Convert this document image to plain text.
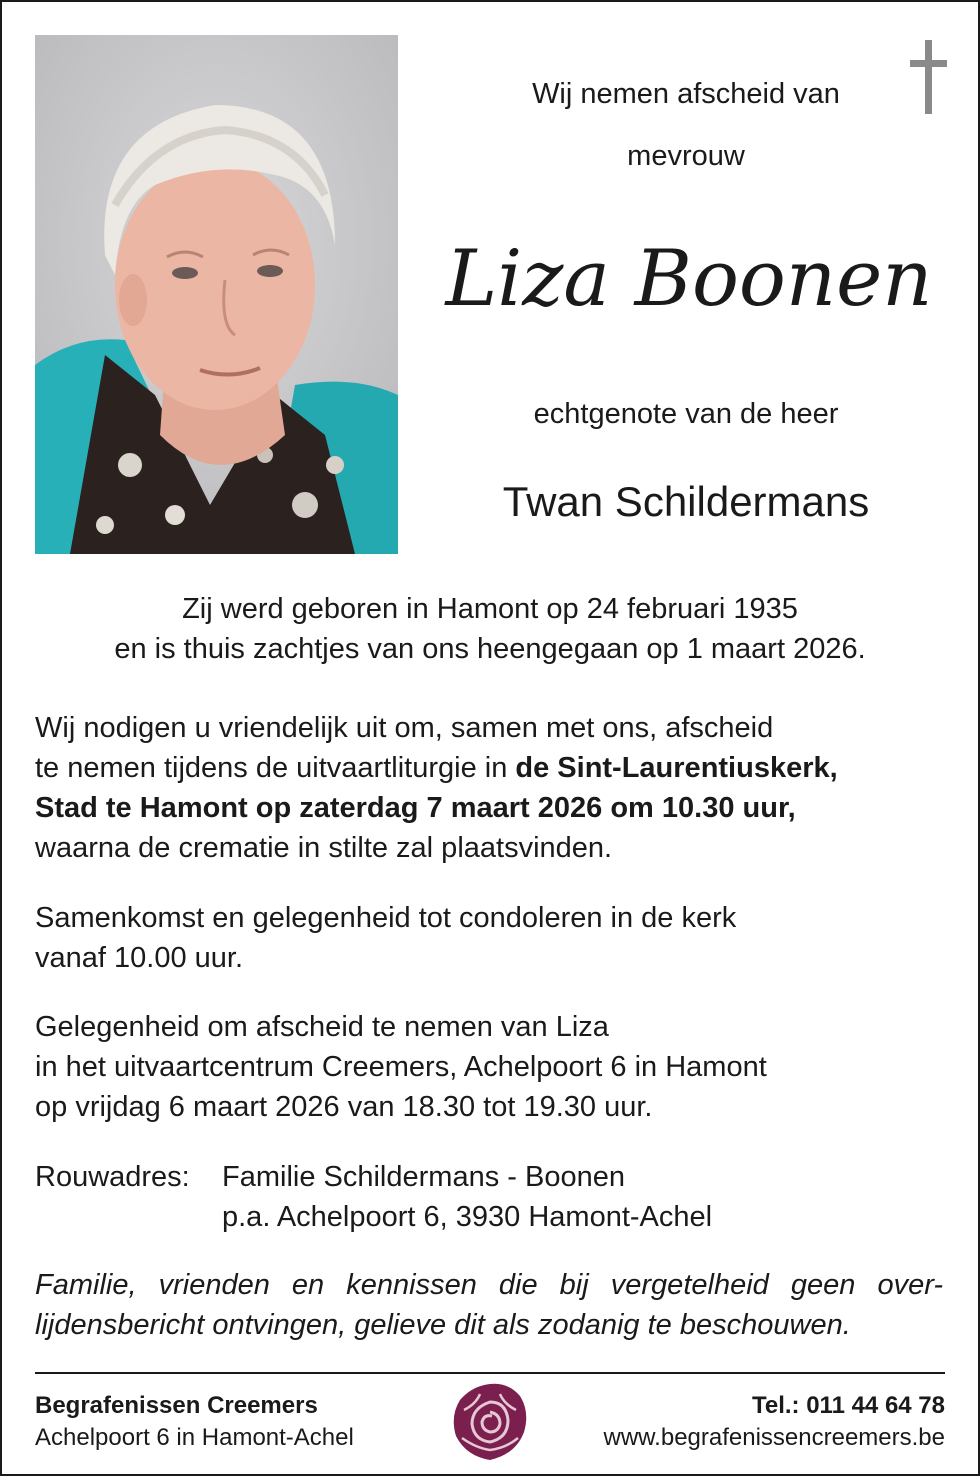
Wij nemen afscheid van

mevrouw

Liza Boonen

echtgenote van de heer

Twan Schildermans

Zij werd geboren in Hamont op 24 februari 1935
en is thuis zachtjes van ons heengegaan op 1 maart 2026.

Wij nodigen u vriendelijk uit om, samen met ons, afscheid
te nemen tijdens de uitvaartliturgie in de Sint-Laurentiuskerk,
Stad te Hamont op zaterdag 7 maart 2026 om 10.30 uur,
waarna de crematie in stilte zal plaatsvinden.

Samenkomst en gelegenheid tot condoleren in de kerk
vanaf 10.00 uur.

Gelegenheid om afscheid te nemen van Liza
in het uitvaartcentrum Creemers, Achelpoort 6 in Hamont
op vrijdag 6 maart 2026 van 18.30 tot 19.30 uur.

Rouwadres: Familie Schildermans - Boonen
p.a. Achelpoort 6, 3930 Hamont-Achel

Familie, vrienden en kennissen die bij vergetelheid geen over-

lijdensbericht ontvingen, gelieve dit als zodanig te beschouwen.

Begrafenissen Creemers
Achelpoort 6 in Hamont-Achel
Tel.: 011 44 64 78
www.begrafenissencreemers.be
